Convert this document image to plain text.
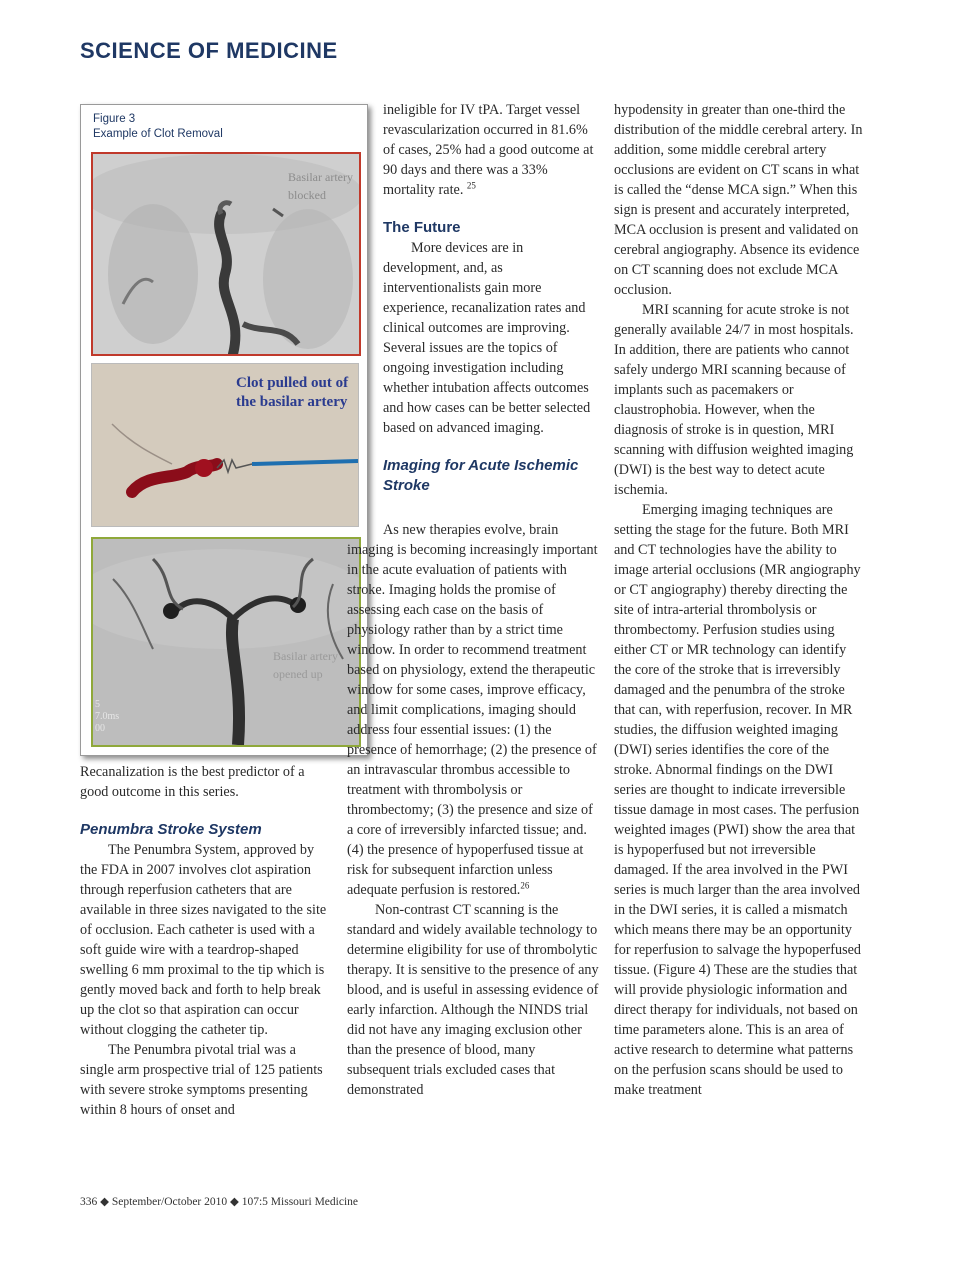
SCIENCE OF MEDICINE
Figure 3
Example of Clot Removal
Basilar artery blocked
Clot pulled out of the basilar artery
Basilar artery opened up
5 7.0ms 00

Recanalization is the best predictor of a good outcome in this series.

Penumbra Stroke System

The Penumbra System, approved by the FDA in 2007 involves clot aspiration through reperfusion catheters that are available in three sizes navigated to the site of occlusion. Each catheter is used with a soft guide wire with a teardrop-shaped swelling 6 mm proximal to the tip which is gently moved back and forth to help break up the clot so that aspiration can occur without clogging the catheter tip.

The Penumbra pivotal trial was a single arm prospective trial of 125 patients with severe stroke symptoms presenting within 8 hours of onset and

ineligible for IV tPA. Target vessel revascularization occurred in 81.6% of cases, 25% had a good outcome at 90 days and there was a 33% mortality rate. $^{25}$

The Future

More devices are in development, and, as interventionalists gain more experience, recanalization rates and clinical outcomes are improving. Several issues are the topics of ongoing investigation including whether intubation affects outcomes and how cases can be better selected based on advanced imaging.

Imaging for Acute Ischemic Stroke

As new therapies evolve, brain imaging is becoming increasingly important in the acute evaluation of patients with stroke. Imaging holds the promise of assessing each case on the basis of physiology rather than by a strict time window. In order to recommend treatment based on physiology, extend the therapeutic window for some cases, improve efficacy, and limit complications, imaging should address four essential issues: (1) the presence of hemorrhage; (2) the presence of an intravascular thrombus accessible to treatment with thrombolysis or thrombectomy; (3) the presence and size of a core of irreversibly infarcted tissue; and. (4) the presence of hypoperfused tissue at risk for subsequent infarction unless adequate perfusion is restored.$^{26}$

Non-contrast CT scanning is the standard and widely available technology to determine eligibility for use of thrombolytic therapy. It is sensitive to the presence of any blood, and is useful in assessing evidence of early infarction. Although the NINDS trial did not have any imaging exclusion other than the presence of blood, many subsequent trials excluded cases that demonstrated

hypodensity in greater than one-third the distribution of the middle cerebral artery. In addition, some middle cerebral artery occlusions are evident on CT scans in what is called the “dense MCA sign.” When this sign is present and accurately interpreted, MCA occlusion is present and validated on cerebral angiography. Absence its evidence on CT scanning does not exclude MCA occlusion.

MRI scanning for acute stroke is not generally available 24/7 in most hospitals. In addition, there are patients who cannot safely undergo MRI scanning because of implants such as pacemakers or claustrophobia. However, when the diagnosis of stroke is in question, MRI scanning with diffusion weighted imaging (DWI) is the best way to detect acute ischemia.

Emerging imaging techniques are setting the stage for the future. Both MRI and CT technologies have the ability to image arterial occlusions (MR angiography or CT angiography) thereby directing the site of intra-arterial thrombolysis or thrombectomy. Perfusion studies using either CT or MR technology can identify the core of the stroke that is irreversibly damaged and the penumbra of the stroke that can, with reperfusion, recover. In MR studies, the diffusion weighted imaging (DWI) series identifies the core of the stroke. Abnormal findings on the DWI series are thought to indicate irreversible tissue damage in most cases. The perfusion weighted images (PWI) show the area that is hypoperfused but not irreversible damaged. If the area involved in the PWI series is much larger than the area involved in the DWI series, it is called a mismatch which means there may be an opportunity for reperfusion to salvage the hypoperfused tissue. (Figure 4) These are the studies that will provide physiologic information and direct therapy for individuals, not based on time parameters alone. This is an area of active research to determine what patterns on the perfusion scans should be used to make treatment

336 ◆ September/October 2010 ◆ 107:5 Missouri Medicine
